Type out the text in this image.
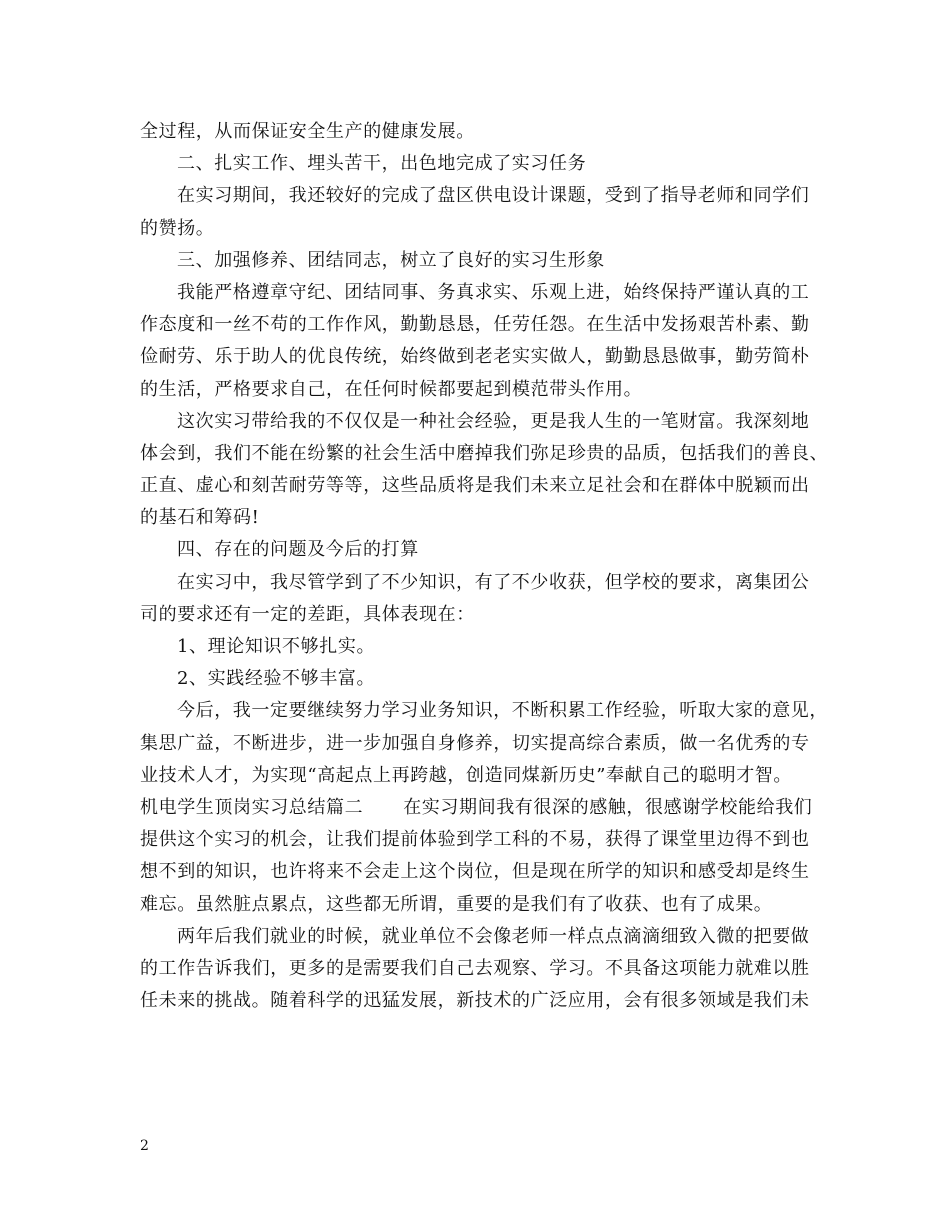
全过程，从而保证安全生产的健康发展。
二、扎实工作、埋头苦干，出色地完成了实习任务
在实习期间，我还较好的完成了盘区供电设计课题，受到了指导老师和同学们
的赞扬。
三、加强修养、团结同志，树立了良好的实习生形象
我能严格遵章守纪、团结同事、务真求实、乐观上进，始终保持严谨认真的工
作态度和一丝不苟的工作作风，勤勤恳恳，任劳任怨。在生活中发扬艰苦朴素、勤
俭耐劳、乐于助人的优良传统，始终做到老老实实做人，勤勤恳恳做事，勤劳简朴
的生活，严格要求自己，在任何时候都要起到模范带头作用。
这次实习带给我的不仅仅是一种社会经验，更是我人生的一笔财富。我深刻地
体会到，我们不能在纷繁的社会生活中磨掉我们弥足珍贵的品质，包括我们的善良、
正直、虚心和刻苦耐劳等等，这些品质将是我们未来立足社会和在群体中脱颖而出
的基石和筹码!
四、存在的问题及今后的打算
在实习中，我尽管学到了不少知识，有了不少收获，但学校的要求，离集团公
司的要求还有一定的差距，具体表现在：
1、理论知识不够扎实。
2、实践经验不够丰富。
今后，我一定要继续努力学习业务知识，不断积累工作经验，听取大家的意见，
集思广益，不断进步，进一步加强自身修养，切实提高综合素质，做一名优秀的专
业技术人才，为实现“高起点上再跨越，创造同煤新历史”奉献自己的聪明才智。
机电学生顶岗实习总结篇二 在实习期间我有很深的感触，很感谢学校能给我们
提供这个实习的机会，让我们提前体验到学工科的不易，获得了课堂里边得不到也
想不到的知识，也许将来不会走上这个岗位，但是现在所学的知识和感受却是终生
难忘。虽然脏点累点，这些都无所谓，重要的是我们有了收获、也有了成果。
两年后我们就业的时候，就业单位不会像老师一样点点滴滴细致入微的把要做
的工作告诉我们，更多的是需要我们自己去观察、学习。不具备这项能力就难以胜
任未来的挑战。随着科学的迅猛发展，新技术的广泛应用，会有很多领域是我们未
2
